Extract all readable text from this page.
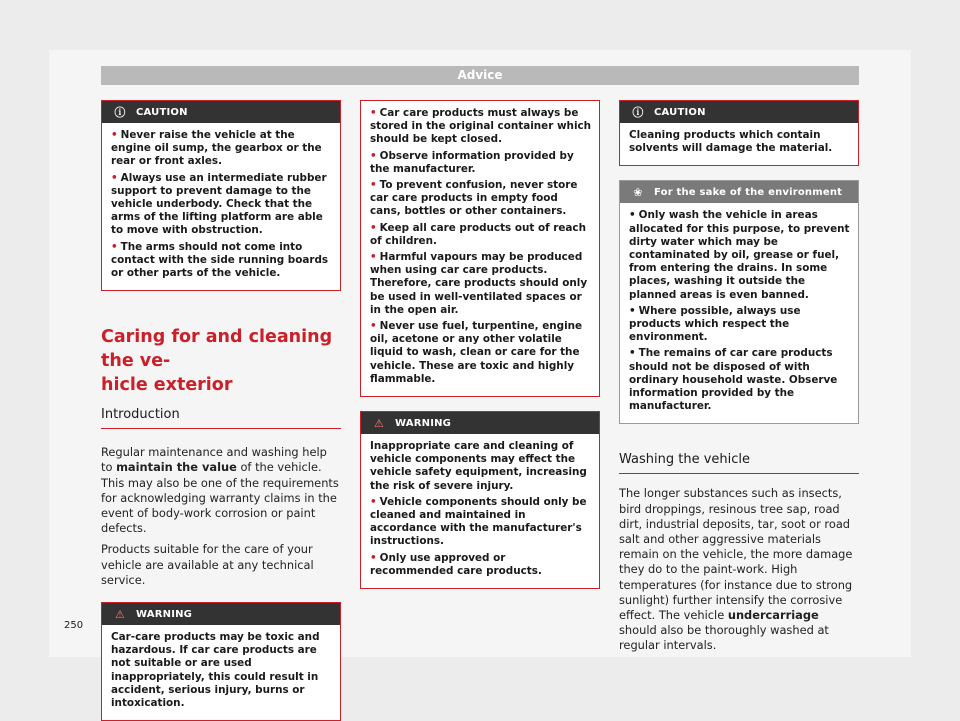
Advice
ⓘ CAUTION
• Never raise the vehicle at the engine oil sump, the gearbox or the rear or front axles.
• Always use an intermediate rubber support to prevent damage to the vehicle underbody. Check that the arms of the lifting platform are able to move with obstruction.
• The arms should not come into contact with the side running boards or other parts of the vehicle.
Caring for and cleaning the ve-
hicle exterior
Introduction

Regular maintenance and washing help to maintain the value of the vehicle. This may also be one of the requirements for acknowledging warranty claims in the event of body-work corrosion or paint defects.

Products suitable for the care of your vehicle are available at any technical service.

⚠ WARNING

Car-care products may be toxic and hazardous. If car care products are not suitable or are used inappropriately, this could result in accident, serious injury, burns or intoxication.

• Car care products must always be stored in the original container which should be kept closed.
• Observe information provided by the manufacturer.
• To prevent confusion, never store car care products in empty food cans, bottles or other containers.
• Keep all care products out of reach of children.
• Harmful vapours may be produced when using car care products. Therefore, care products should only be used in well-ventilated spaces or in the open air.
• Never use fuel, turpentine, engine oil, acetone or any other volatile liquid to wash, clean or care for the vehicle. These are toxic and highly flammable.
⚠ WARNING

Inappropriate care and cleaning of vehicle components may effect the vehicle safety equipment, increasing the risk of severe injury.

• Vehicle components should only be cleaned and maintained in accordance with the manufacturer's instructions.
• Only use approved or recommended care products.
ⓘ CAUTION

Cleaning products which contain solvents will damage the material.

❀	For the sake of the environment
• Only wash the vehicle in areas allocated for this purpose, to prevent dirty water which may be contaminated by oil, grease or fuel, from entering the drains. In some places, washing it outside the planned areas is even banned.
• Where possible, always use products which respect the environment.
• The remains of car care products should not be disposed of with ordinary household waste. Observe information provided by the manufacturer.
Washing the vehicle

The longer substances such as insects, bird droppings, resinous tree sap, road dirt, industrial deposits, tar, soot or road salt and other aggressive materials remain on the vehicle, the more damage they do to the paint-work. High temperatures (for instance due to strong sunlight) further intensify the corrosive effect. The vehicle undercarriage should also be thoroughly washed at regular intervals.

250
